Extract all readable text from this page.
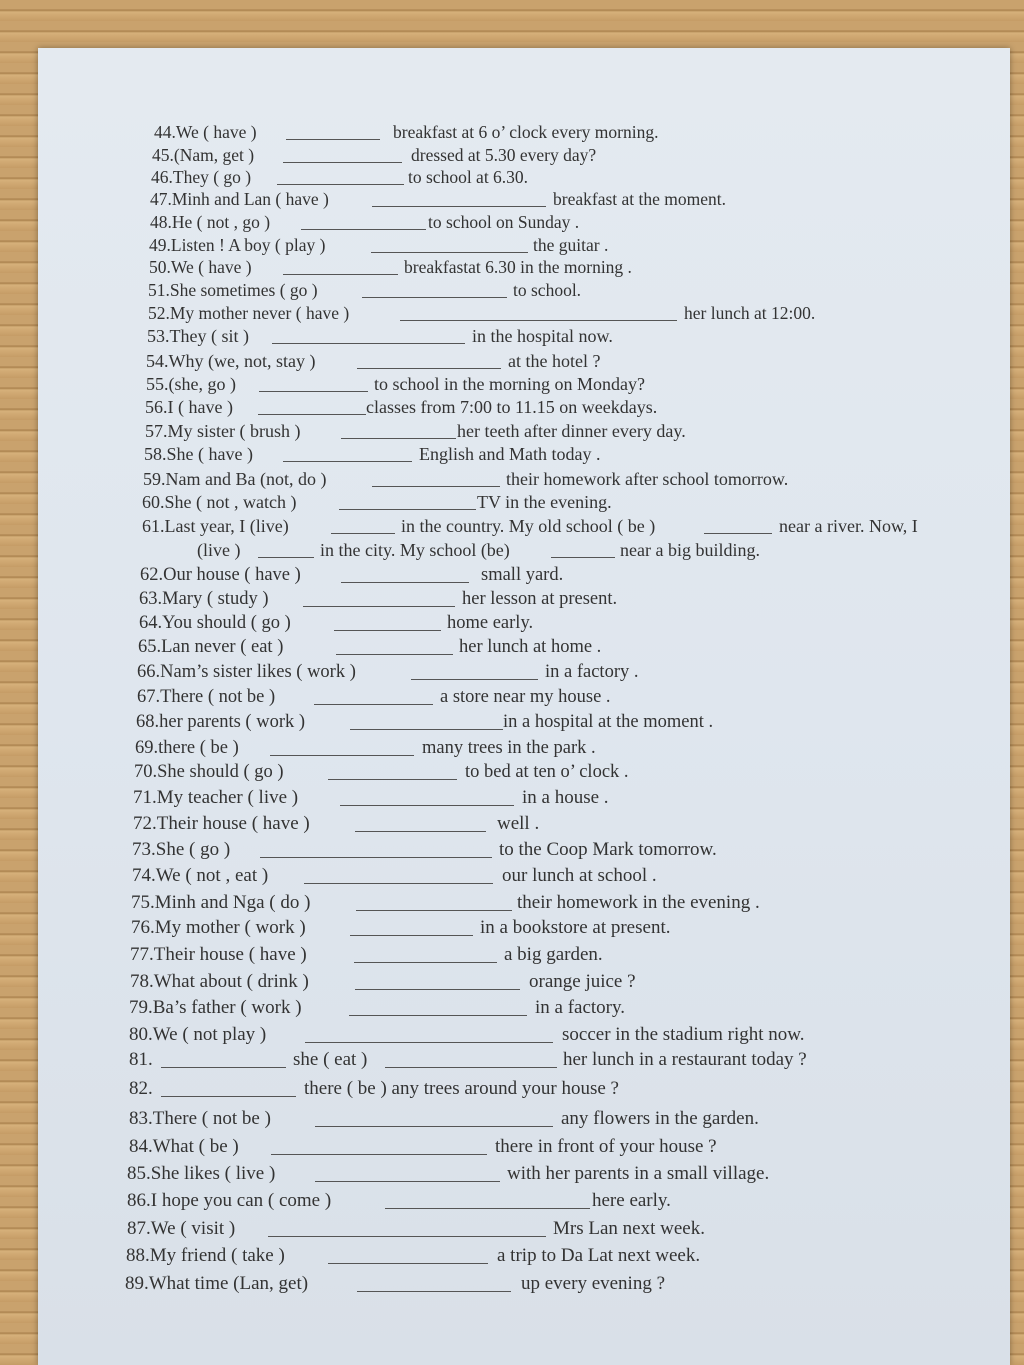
44.We ( have )	breakfast at 6 o’ clock every morning.
45.(Nam, get )	dressed at 5.30 every day?
46.They ( go )	to school at 6.30.
47.Minh and Lan ( have )	breakfast at the moment.
48.He ( not , go )	to school on Sunday .
49.Listen ! A boy ( play )	the guitar .
50.We ( have )	breakfastat 6.30 in the morning .
51.She sometimes ( go )	to school.
52.My mother never ( have )	her lunch at 12:00.
53.They ( sit )	in the hospital now.
54.Why (we, not, stay )	at the hotel ?
55.(she, go )	to school in the morning on Monday?
56.I ( have )	classes from 7:00 to 11.15 on weekdays.
57.My sister ( brush )	her teeth after dinner every day.
58.She ( have )	English and Math today .
59.Nam and Ba (not, do )	their homework after school tomorrow.
60.She ( not , watch )	TV in the evening.
61.Last year, I (live)	in the country. My old school ( be )	near a river. Now, I
(live )	in the city. My school (be)	near a big building.
62.Our house ( have )	small yard.
63.Mary ( study )	her lesson at present.
64.You should ( go )	home early.
65.Lan never ( eat )	her lunch at home .
66.Nam’s sister likes ( work )	in a factory .
67.There ( not be )	a store near my house .
68.her parents ( work )	in a hospital at the moment .
69.there ( be )	many trees in the park .
70.She should ( go )	to bed at ten o’ clock .
71.My teacher ( live )	in a house .
72.Their house ( have )	well .
73.She ( go )	to the Coop Mark tomorrow.
74.We ( not , eat )	our lunch at school .
75.Minh and Nga ( do )	their homework in the evening .
76.My mother ( work )	in a bookstore at present.
77.Their house ( have )	a big garden.
78.What about ( drink )	orange juice ?
79.Ba’s father ( work )	in a factory.
80.We ( not play )	soccer in the stadium right now.
81.	she ( eat )	her lunch in a restaurant today ?
82.	there ( be ) any trees around your house ?
83.There ( not be )	any flowers in the garden.
84.What ( be )	there in front of your house ?
85.She likes ( live )	with her parents in a small village.
86.I hope you can ( come )	here early.
87.We ( visit )	Mrs Lan next week.
88.My friend ( take )	a trip to Da Lat next week.
89.What time (Lan, get)	up every evening ?
